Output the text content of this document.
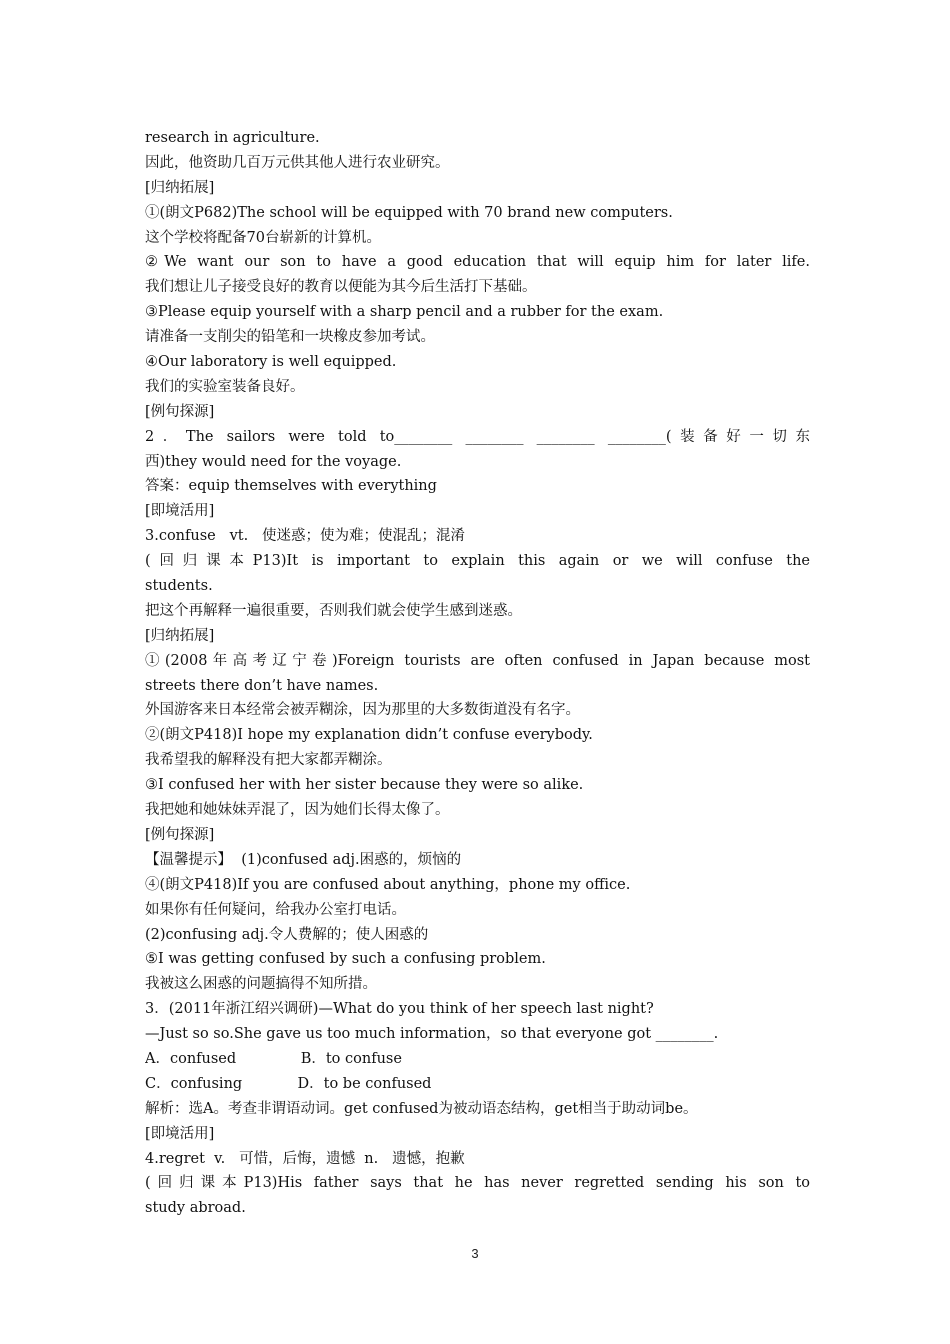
research in agriculture.
因此，他资助几百万元供其他人进行农业研究。
[归纳拓展]
①(朗文P682)The school will be equipped with 70 brand new computers.
这个学校将配备70台崭新的计算机。
②We want our son to have a good education that will equip him for later life.
我们想让儿子接受良好的教育以便能为其今后生活打下基础。
③Please equip yourself with a sharp pencil and a rubber for the exam.
请准备一支削尖的铅笔和一块橡皮参加考试。
④Our laboratory is well equipped.
我们的实验室装备良好。
[例句探源]
2．The sailors were told to________ ________ ________ ________(装备好一切东
西)they would need for the voyage.
答案：equip themselves with everything
[即境活用]
3.confuse   vt.   使迷惑；使为难；使混乱；混淆
(回归课本P13)It is important to explain this again or we will confuse the
students.
把这个再解释一遍很重要，否则我们就会使学生感到迷惑。
[归纳拓展]
①(2008年高考辽宁卷)Foreign tourists are often confused in Japan because most
streets there don’t have names.
外国游客来日本经常会被弄糊涂，因为那里的大多数街道没有名字。
②(朗文P418)I hope my explanation didn’t confuse everybody.
我希望我的解释没有把大家都弄糊涂。
③I confused her with her sister because they were so alike.
我把她和她妹妹弄混了，因为她们长得太像了。
[例句探源]
【温馨提示】  (1)confused adj.困惑的，烦恼的
④(朗文P418)If you are confused about anything，phone my office.
如果你有任何疑问，给我办公室打电话。
(2)confusing adj.令人费解的；使人困惑的
⑤I was getting confused by such a confusing problem.
我被这么困惑的问题搞得不知所措。
3．(2011年浙江绍兴调研)—What do you think of her speech last night?
—Just so so.She gave us too much information，so that everyone got ________.
A．confused              B．to confuse
C．confusing            D．to be confused
解析：选A。考查非谓语动词。get confused为被动语态结构，get相当于助动词be。
[即境活用]
4.regret  v.   可惜，后悔，遗憾  n.   遗憾，抱歉
(回归课本P13)His father says that he has never regretted sending his son to
study abroad.
3
